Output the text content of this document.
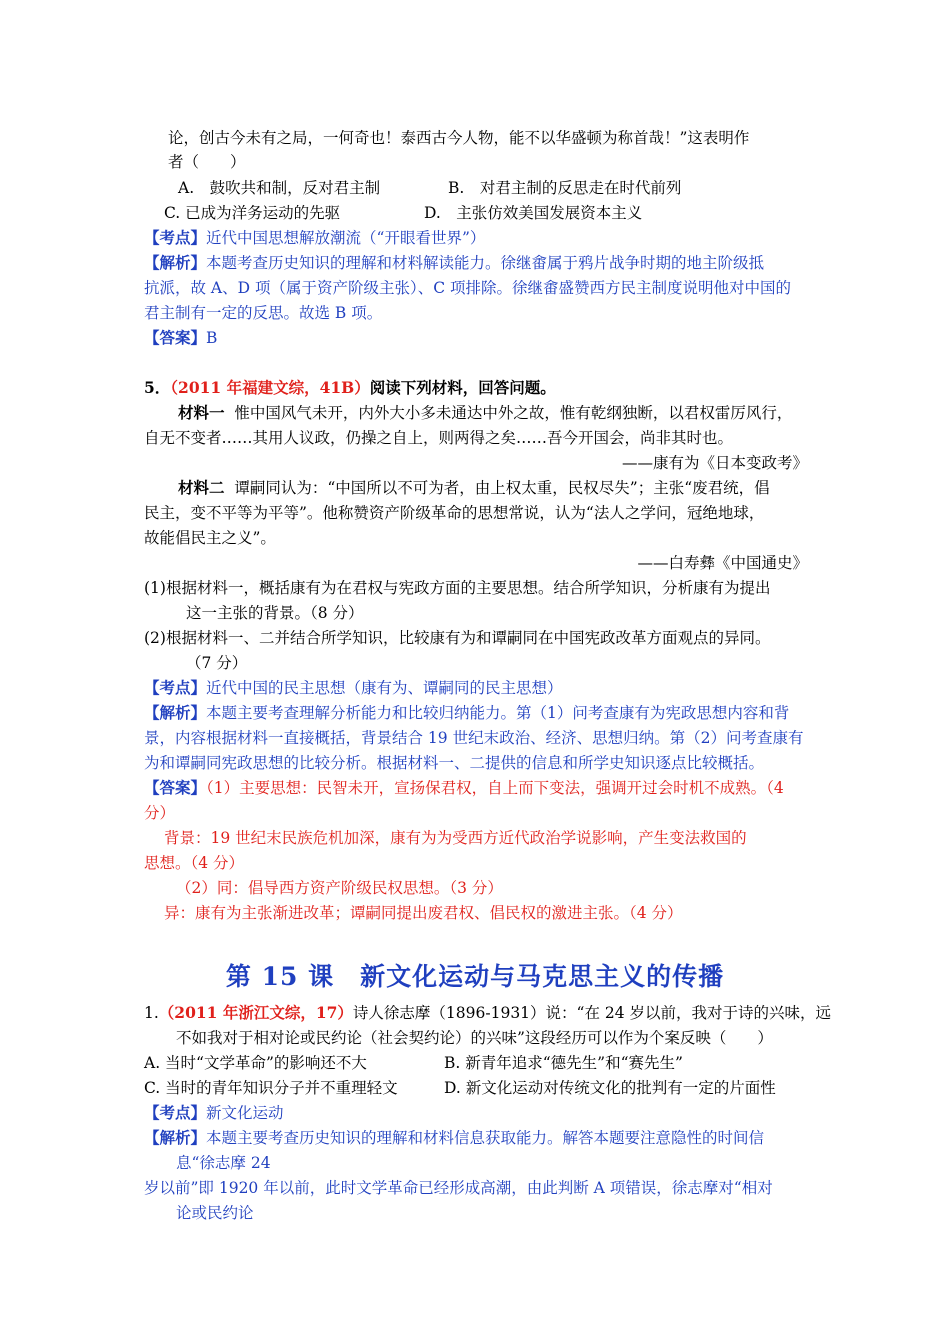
论，创古今未有之局，一何奇也！泰西古今人物，能不以华盛顿为称首哉！”这表明作
者（　　）
A.　鼓吹共和制，反对君主制	B.　对君主制的反思走在时代前列
C. 已成为洋务运动的先驱	D.　主张仿效美国发展资本主义
【考点】近代中国思想解放潮流（“开眼看世界”）
【解析】本题考查历史知识的理解和材料解读能力。徐继畬属于鸦片战争时期的地主阶级抵
抗派，故 A、D 项（属于资产阶级主张）、C 项排除。徐继畬盛赞西方民主制度说明他对中国的
君主制有一定的反思。故选 B 项。
【答案】B
5．（2011 年福建文综，41B）阅读下列材料，回答问题。
材料一 惟中国风气未开，内外大小多未通达中外之故，惟有乾纲独断，以君权雷厉风行，
自无不变者……其用人议政，仍操之自上，则两得之矣……吾今开国会，尚非其时也。
——康有为《日本变政考》
材料二 谭嗣同认为：“中国所以不可为者，由上权太重，民权尽失”；主张“废君统，倡
民主，变不平等为平等”。他称赞资产阶级革命的思想常说，认为“法人之学问，冠绝地球，
故能倡民主之义”。
——白寿彝《中国通史》
(1)根据材料一，概括康有为在君权与宪政方面的主要思想。结合所学知识，分析康有为提出
这一主张的背景。（8 分）
(2)根据材料一、二并结合所学知识，比较康有为和谭嗣同在中国宪政改革方面观点的异同。
（7 分）
【考点】近代中国的民主思想（康有为、谭嗣同的民主思想）
【解析】本题主要考查理解分析能力和比较归纳能力。第（1）问考查康有为宪政思想内容和背
景，内容根据材料一直接概括，背景结合 19 世纪末政治、经济、思想归纳。第（2）问考查康有
为和谭嗣同宪政思想的比较分析。根据材料一、二提供的信息和所学史知识逐点比较概括。
【答案】（1）主要思想：民智未开，宣扬保君权，自上而下变法，强调开过会时机不成熟。（4
分）
背景：19 世纪末民族危机加深，康有为为受西方近代政治学说影响，产生变法救国的
思想。（4 分）
（2）同：倡导西方资产阶级民权思想。（3 分）
异：康有为主张渐进改革；谭嗣同提出废君权、倡民权的激进主张。（4 分）
第 15 课　新文化运动与马克思主义的传播
1.（2011 年浙江文综，17）诗人徐志摩（1896-1931）说：“在 24 岁以前，我对于诗的兴味，远
不如我对于相对论或民约论（社会契约论）的兴味”这段经历可以作为个案反映（　　）
A. 当时“文学革命”的影响还不大	B. 新青年追求“德先生”和“赛先生”
C. 当时的青年知识分子并不重理轻文	D. 新文化运动对传统文化的批判有一定的片面性
【考点】新文化运动
【解析】本题主要考查历史知识的理解和材料信息获取能力。解答本题要注意隐性的时间信
息“徐志摩 24
岁以前”即 1920 年以前，此时文学革命已经形成高潮，由此判断 A 项错误，徐志摩对“相对
论或民约论
